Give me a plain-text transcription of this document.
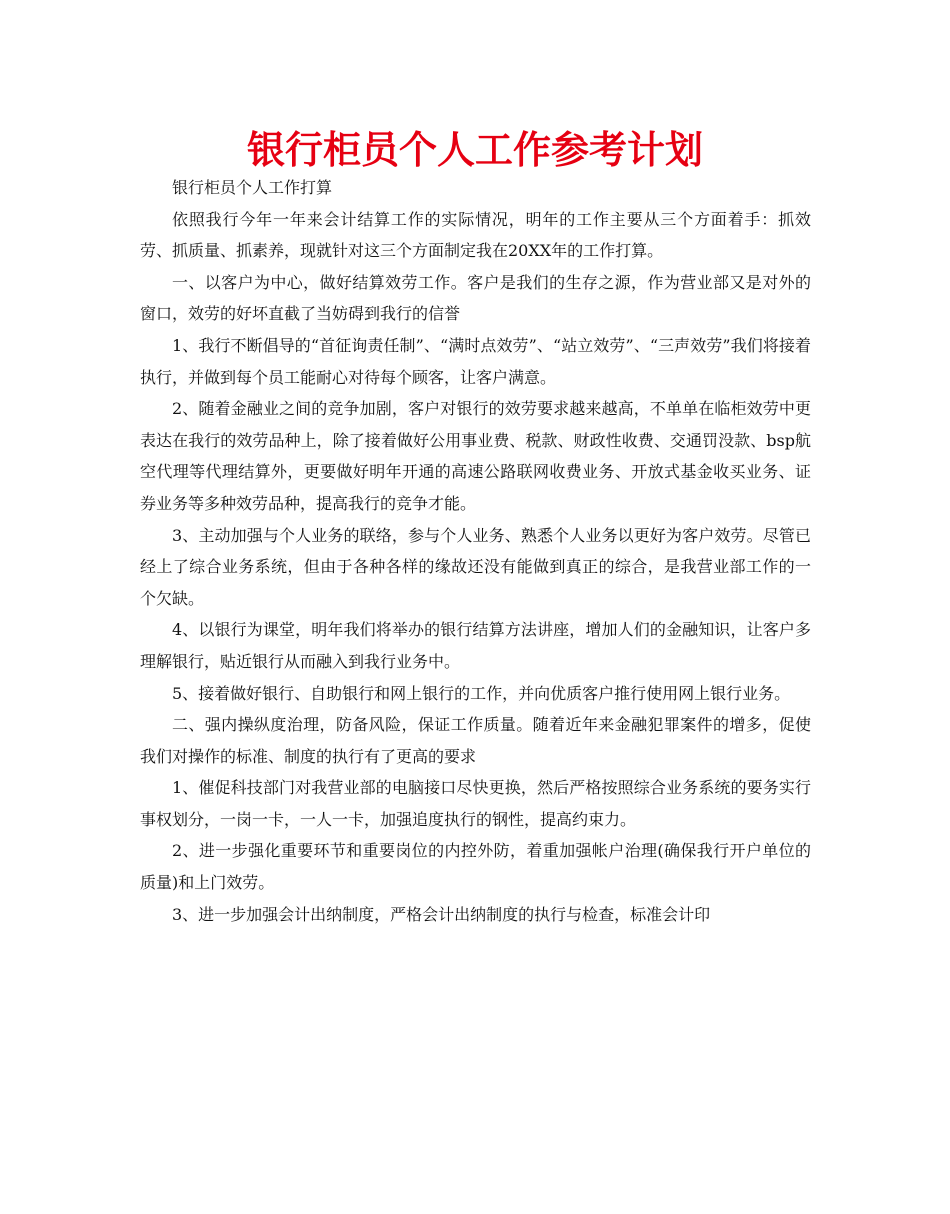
银行柜员个人工作参考计划

银行柜员个人工作打算

依照我行今年一年来会计结算工作的实际情况，明年的工作主要从三个方面着手：抓效劳、抓质量、抓素养，现就针对这三个方面制定我在20XX年的工作打算。

一、以客户为中心，做好结算效劳工作。客户是我们的生存之源，作为营业部又是对外的窗口，效劳的好坏直截了当妨碍到我行的信誉

1、我行不断倡导的“首征询责任制”、“满时点效劳”、“站立效劳”、“三声效劳”我们将接着执行，并做到每个员工能耐心对待每个顾客，让客户满意。

2、随着金融业之间的竞争加剧，客户对银行的效劳要求越来越高，不单单在临柜效劳中更表达在我行的效劳品种上，除了接着做好公用事业费、税款、财政性收费、交通罚没款、bsp航空代理等代理结算外，更要做好明年开通的高速公路联网收费业务、开放式基金收买业务、证券业务等多种效劳品种，提高我行的竞争才能。

3、主动加强与个人业务的联络，参与个人业务、熟悉个人业务以更好为客户效劳。尽管已经上了综合业务系统，但由于各种各样的缘故还没有能做到真正的综合，是我营业部工作的一个欠缺。

4、以银行为课堂，明年我们将举办的银行结算方法讲座，增加人们的金融知识，让客户多理解银行，贴近银行从而融入到我行业务中。

5、接着做好银行、自助银行和网上银行的工作，并向优质客户推行使用网上银行业务。

二、强内操纵度治理，防备风险，保证工作质量。随着近年来金融犯罪案件的增多，促使我们对操作的标准、制度的执行有了更高的要求

1、催促科技部门对我营业部的电脑接口尽快更换，然后严格按照综合业务系统的要务实行事权划分，一岗一卡，一人一卡，加强追度执行的钢性，提高约束力。

2、进一步强化重要环节和重要岗位的内控外防，着重加强帐户治理(确保我行开户单位的质量)和上门效劳。

3、进一步加强会计出纳制度，严格会计出纳制度的执行与检查，标准会计印
